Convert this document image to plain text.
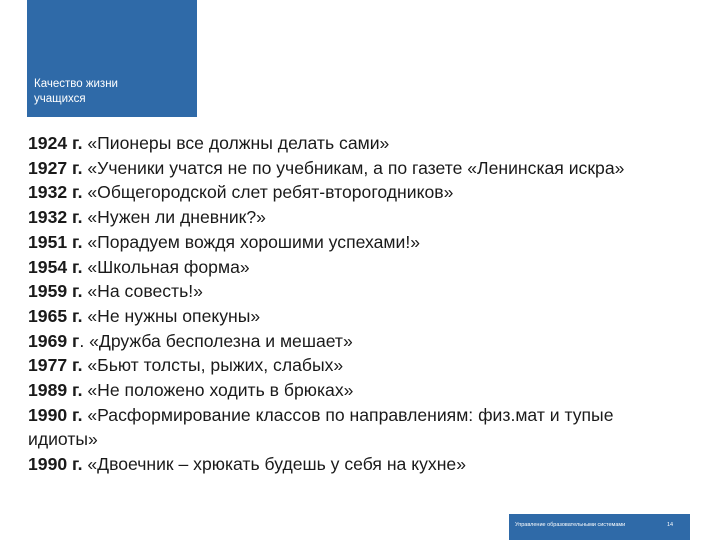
Качество жизни
учащихся

1924 г. «Пионеры все должны делать сами»

1927 г. «Ученики учатся не по учебникам, а по газете «Ленинская искра»

1932 г. «Общегородской слет ребят-второгодников»

1932 г. «Нужен ли дневник?»

1951 г. «Порадуем вождя хорошими успехами!»

1954 г. «Школьная форма»

1959 г. «На совесть!»

1965 г. «Не нужны опекуны»

1969 г. «Дружба бесполезна и мешает»

1977 г. «Бьют толсты, рыжих, слабых»

1989 г. «Не положено ходить в брюках»

1990 г. «Расформирование классов по направлениям: физ.мат и тупые идиоты»

1990 г. «Двоечник – хрюкать будешь у себя на кухне»

Управление образовательными системами	14
